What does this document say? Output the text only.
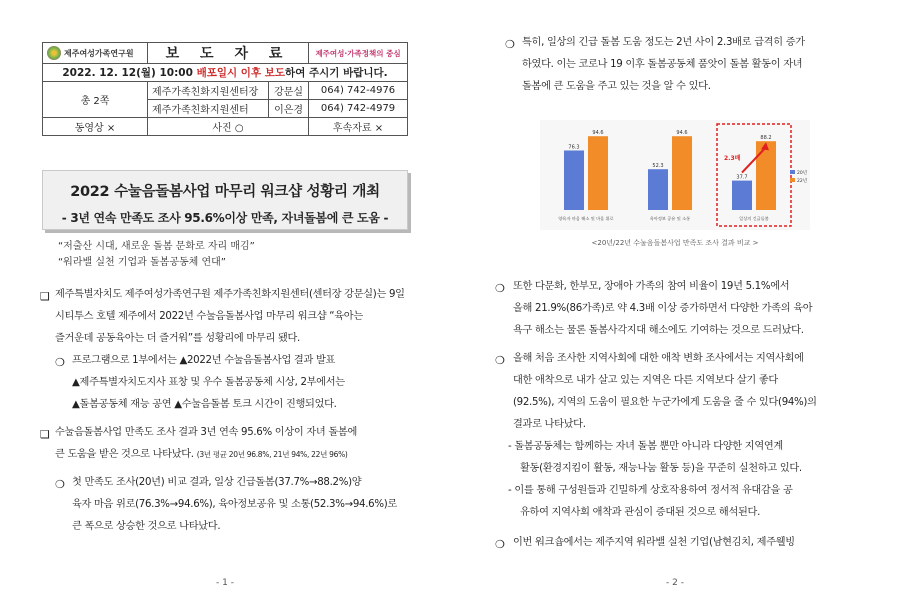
제주여성가족연구원	보 도 자 료		제주여성·가족정책의 중심
2022. 12. 12(월) 10:00 배포일시 이후 보도하여 주시기 바랍니다.			
총 2쪽	제주가족친화지원센터장	강문실	064) 742-4976
	제주가족친화지원센터	이은경	064) 742-4979
동영상 ×	사진 ○		후속자료 ×
2022 수눌음돌봄사업 마무리 워크샵 성황리 개최
- 3년 연속 만족도 조사 95.6%이상 만족, 자녀돌봄에 큰 도움 -
“저출산 시대, 새로운 돌봄 문화로 자리 매김”
“워라밸 실천 기업과 돌봄공동체 연대”
❑ 제주특별자치도 제주여성가족연구원 제주가족친화지원센터(센터장 강문실)는 9일
시티투스 호텔 제주에서 2022년 수눌음돌봄사업 마무리 워크샵 “육아는
즐거운데 공동육아는 더 즐거워”를 성황리에 마무리 됐다.
❍ 프로그램으로 1부에서는 ▲2022년 수눌음돌봄사업 결과 발표
▲제주특별자치도지사 표창 및 우수 돌봄공동체 시상, 2부에서는
▲돌봄공동체 재능 공연 ▲수눌음돌봄 토크 시간이 진행되었다.
❑ 수눌음돌봄사업 만족도 조사 결과 3년 연속 95.6% 이상이 자녀 돌봄에
큰 도움을 받은 것으로 나타났다. (3년 평균 20년 96.8%, 21년 94%, 22년 96%)
❍ 첫 만족도 조사(20년) 비교 결과, 일상 긴급돌봄(37.7%→88.2%)양
육자 마음 위로(76.3%→94.6%), 육아정보공유 및 소통(52.3%→94.6%)로
큰 폭으로 상승한 것으로 나타났다.
- 1 -
❍ 특히, 일상의 긴급 돌봄 도움 정도는 2년 사이 2.3배로 급격히 증가
하였다. 이는 코로나 19 이후 돌봄공동체 품앗이 돌봄 활동이 자녀
돌봄에 큰 도움을 주고 있는 것을 알 수 있다.
76.3
94.6
양육자 마음 해소 및 마음 위로
52.3
94.6
육아정보 공유 및 소통
37.7
88.2
일상의 긴급돌봄
2.3배
20년
22년
<20년/22년 수눌음돌봄사업 만족도 조사 결과 비교 >
❍ 또한 다문화, 한부모, 장애아 가족의 참여 비율이 19년 5.1%에서
올해 21.9%(86가족)로 약 4.3배 이상 증가하면서 다양한 가족의 육아
욕구 해소는 물론 돌봄사각지대 해소에도 기여하는 것으로 드러났다.
❍ 올해 처음 조사한 지역사회에 대한 애착 변화 조사에서는 지역사회에
대한 애착으로 내가 살고 있는 지역은 다른 지역보다 살기 좋다
(92.5%), 지역의 도움이 필요한 누군가에게 도움을 줄 수 있다(94%)의
결과로 나타났다.
- 돌봄공동체는 함께하는 자녀 돌봄 뿐만 아니라 다양한 지역연계
활동(환경지킴이 활동, 재능나눔 활동 등)을 꾸준히 실천하고 있다.
- 이를 통해 구성원들과 긴밀하게 상호작용하여 정서적 유대감을 공
유하여 지역사회 애착과 관심이 증대된 것으로 해석된다.
❍ 이번 워크숍에서는 제주지역 워라밸 실천 기업(남현김치, 제주웰빙
- 2 -
